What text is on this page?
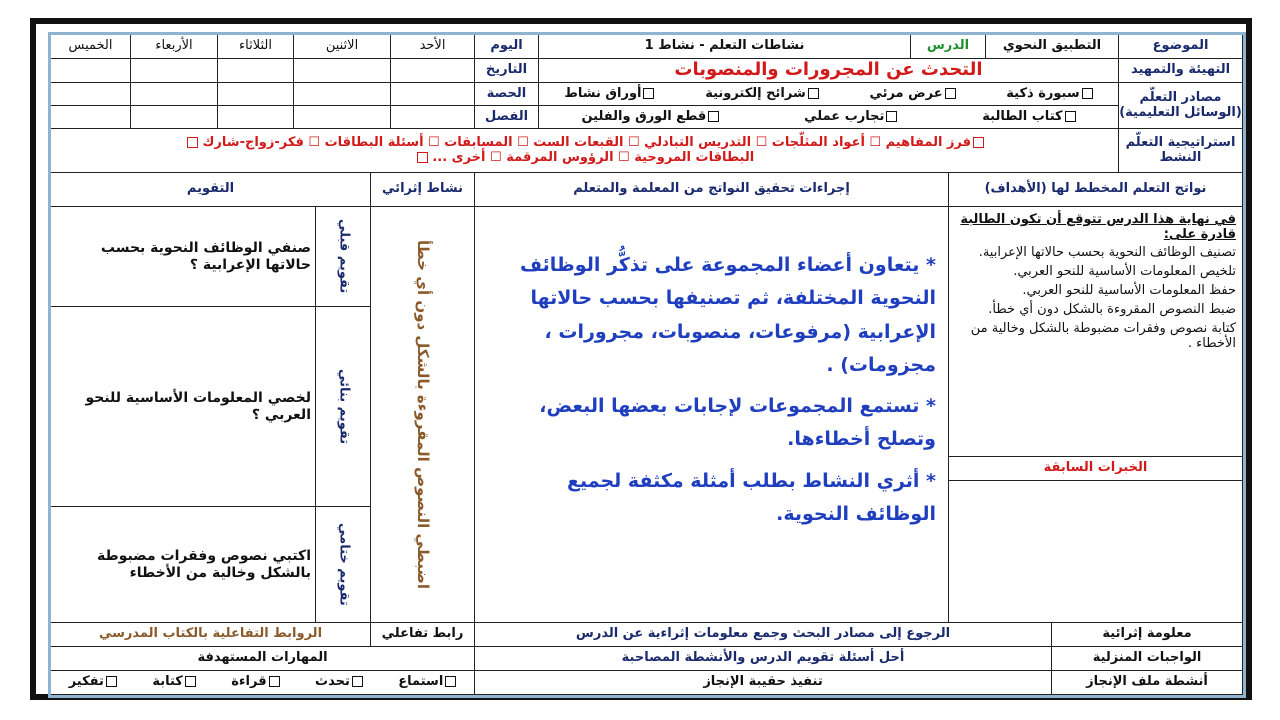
الموضوع
التطبيق النحوي
الدرس
نشاطات التعلم - نشاط 1
اليوم
الأحد
الاثنين
الثلاثاء
الأربعاء
الخميس
التهيئة والتمهيد
التحدث عن المجرورات والمنصوبات
التاريخ
مصادر التعلّم (الوسائل التعليمية)
سبورة ذكية
عرض مرئي
شرائح إلكترونية
أوراق نشاط
كتاب الطالبة
تجارب عملي
قطع الورق والفلين
الحصة
الفصل
استراتيجية التعلّم النشط
فرز المفاهيم ☐ أعواد المثلّجات ☐ التدريس التبادلي ☐ القبعات الست ☐ المسابقات ☐ أسئلة البطاقات ☐ فكر-زواج-شارك
البطاقات المروحية ☐ الرؤوس المرقمة ☐ أخرى ...
نواتج التعلم المخطط لها (الأهداف)
إجراءات تحقيق النواتج من المعلمة والمتعلم
نشاط إثرائي
التقويم
في نهاية هذا الدرس تتوقع أن تكون الطالبة قادرة على:
تصنيف الوظائف النحوية بحسب حالاتها الإعرابية.
تلخيص المعلومات الأساسية للنحو العربي.
حفظ المعلومات الأساسية للنحو العربي.
ضبط النصوص المقروءة بالشكل دون أي خطأ.
كتابة نصوص وفقرات مضبوطة بالشكل وخالية من الأخطاء .
الخبرات السابقة

* يتعاون أعضاء المجموعة على تذكُّر الوظائف النحوية المختلفة، ثم تصنيفها بحسب حالاتها الإعرابية (مرفوعات، منصوبات، مجرورات ، مجزومات) .

* تستمع المجموعات لإجابات بعضها البعض، وتصلح أخطاءها.

* أثري النشاط بطلب أمثلة مكثفة لجميع الوظائف النحوية.

اضبطي النصوص المقروءة بالشكل دون أي خطأ
تقويم قبلي
صنفي الوظائف النحوية بحسب حالاتها الإعرابية ؟
تقويم بنائي
لخصي المعلومات الأساسية للنحو العربي ؟
تقويم ختامي
اكتبي نصوص وفقرات مضبوطة بالشكل وخالية من الأخطاء
معلومة إثرائية
الرجوع إلى مصادر البحث وجمع معلومات إثراءية عن الدرس
رابط تفاعلي
الروابط التفاعلية بالكتاب المدرسي
الواجبات المنزلية
أحل أسئلة تقويم الدرس والأنشطة المصاحبة
المهارات المستهدفة
أنشطة ملف الإنجاز
تنفيذ حقيبة الإنجاز
استماع
تحدث
قراءة
كتابة
تفكير
